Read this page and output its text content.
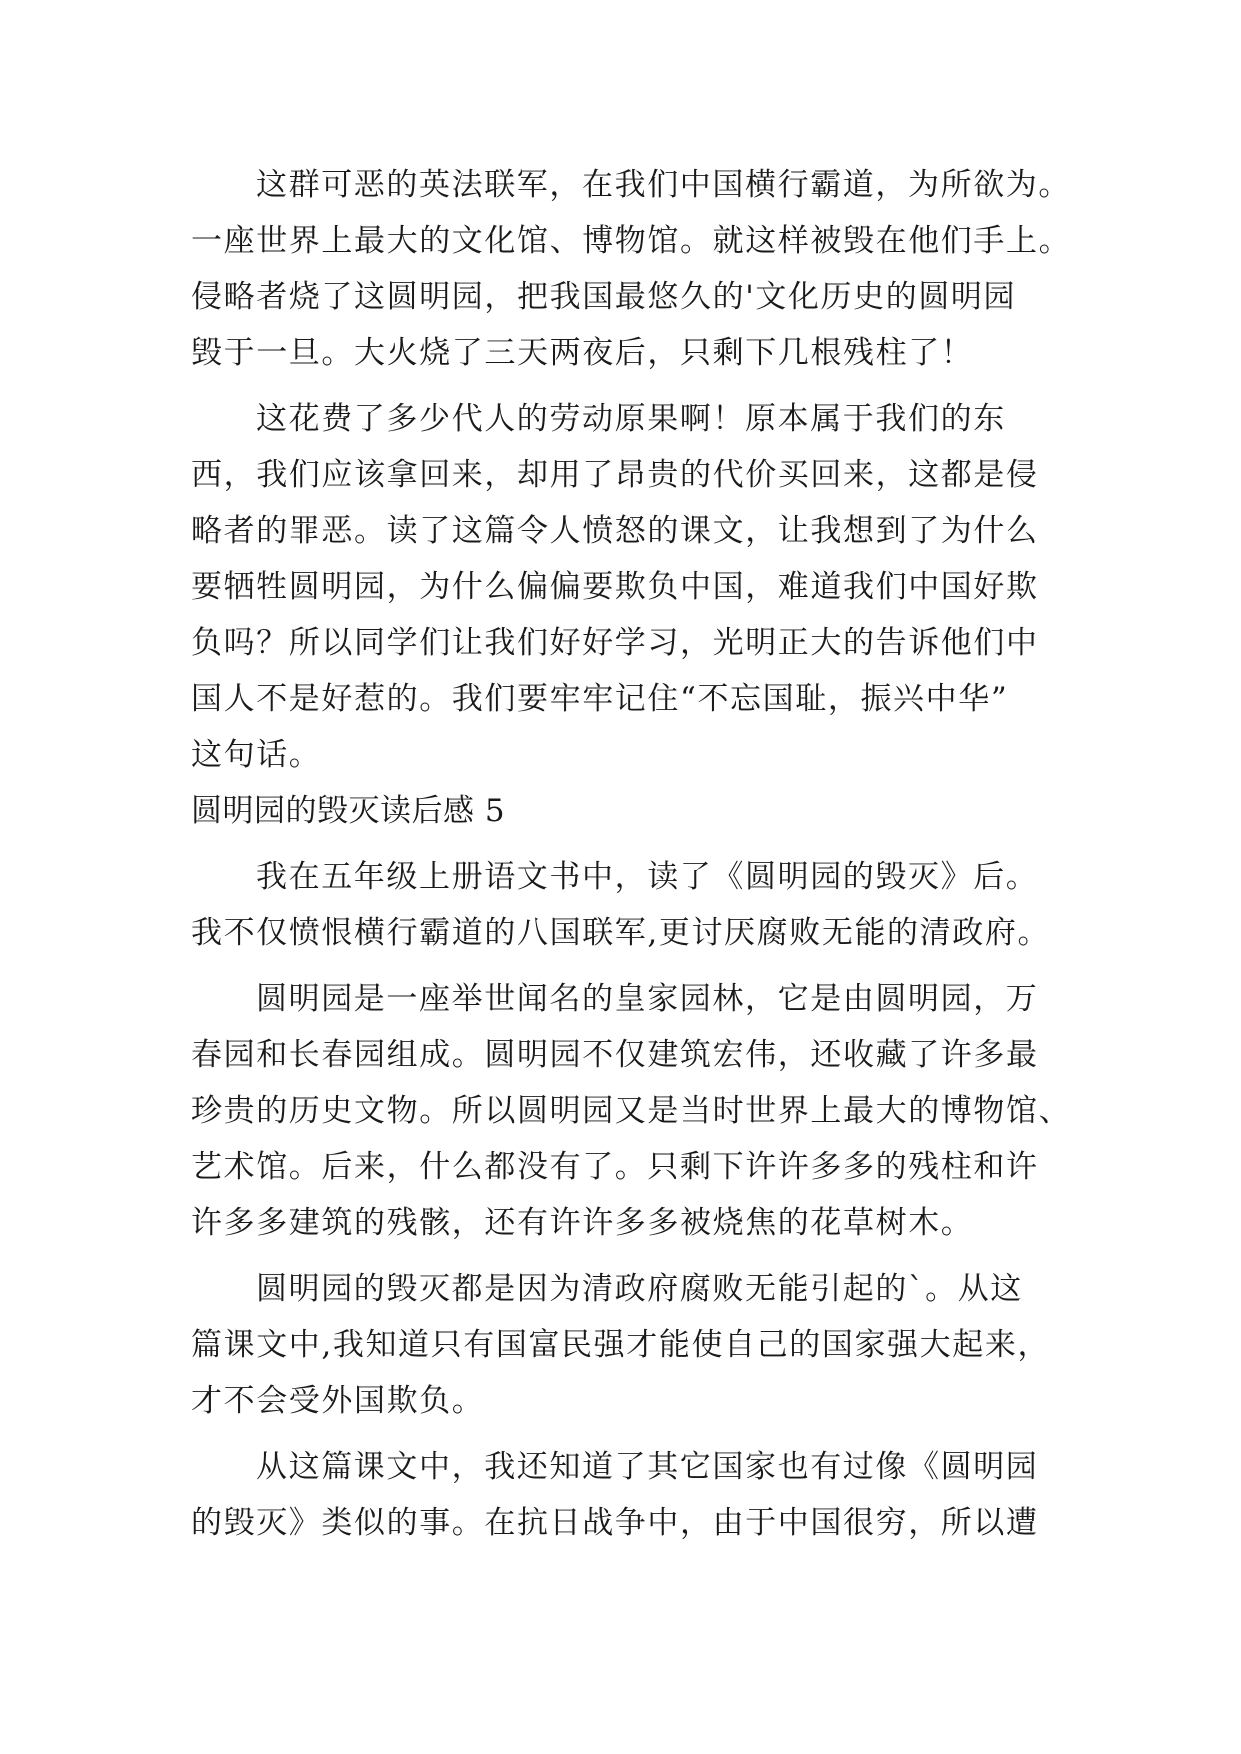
这群可恶的英法联军，在我们中国横行霸道，为所欲为。
一座世界上最大的文化馆、博物馆。就这样被毁在他们手上。
侵略者烧了这圆明园，把我国最悠久的'文化历史的圆明园
毁于一旦。大火烧了三天两夜后，只剩下几根残柱了！
这花费了多少代人的劳动原果啊！原本属于我们的东
西，我们应该拿回来，却用了昂贵的代价买回来，这都是侵
略者的罪恶。读了这篇令人愤怒的课文，让我想到了为什么
要牺牲圆明园，为什么偏偏要欺负中国，难道我们中国好欺
负吗？所以同学们让我们好好学习，光明正大的告诉他们中
国人不是好惹的。我们要牢牢记住“不忘国耻，振兴中华”
这句话。
圆明园的毁灭读后感 5
我在五年级上册语文书中，读了《圆明园的毁灭》后。
我不仅愤恨横行霸道的八国联军,更讨厌腐败无能的清政府。
圆明园是一座举世闻名的皇家园林，它是由圆明园，万
春园和长春园组成。圆明园不仅建筑宏伟，还收藏了许多最
珍贵的历史文物。所以圆明园又是当时世界上最大的博物馆、
艺术馆。后来，什么都没有了。只剩下许许多多的残柱和许
许多多建筑的残骸，还有许许多多被烧焦的花草树木。
圆明园的毁灭都是因为清政府腐败无能引起的`。从这
篇课文中,我知道只有国富民强才能使自己的国家强大起来，
才不会受外国欺负。
从这篇课文中，我还知道了其它国家也有过像《圆明园
的毁灭》类似的事。在抗日战争中，由于中国很穷，所以遭
